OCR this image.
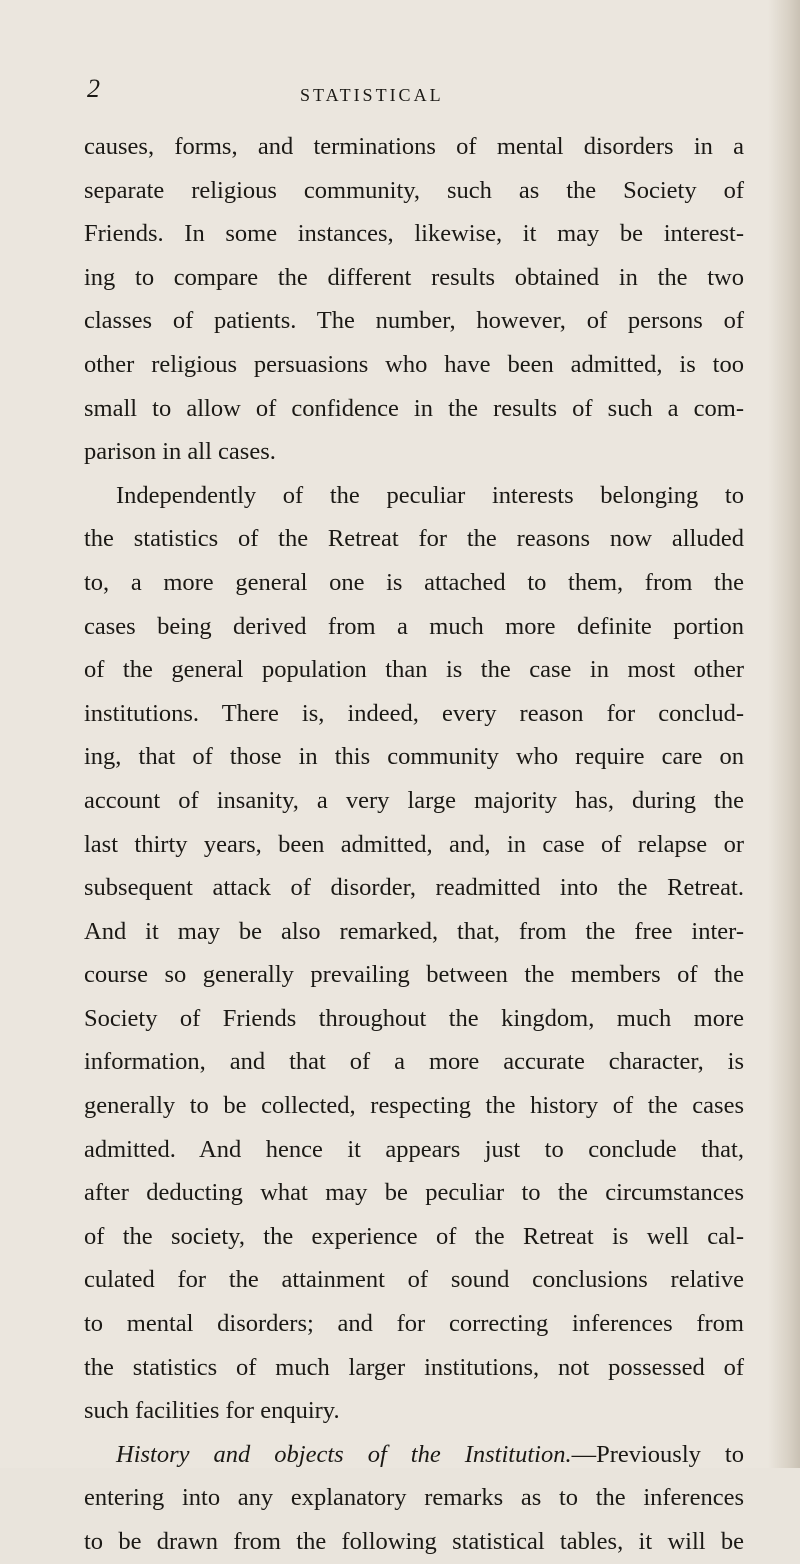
2	STATISTICAL
causes, forms, and terminations of mental disorders in a
separate religious community, such as the Society of
Friends. In some instances, likewise, it may be interest-
ing to compare the different results obtained in the two
classes of patients. The number, however, of persons of
other religious persuasions who have been admitted, is too
small to allow of confidence in the results of such a com-
parison in all cases.
Independently of the peculiar interests belonging to
the statistics of the Retreat for the reasons now alluded
to, a more general one is attached to them, from the
cases being derived from a much more definite portion
of the general population than is the case in most other
institutions. There is, indeed, every reason for conclud-
ing, that of those in this community who require care on
account of insanity, a very large majority has, during the
last thirty years, been admitted, and, in case of relapse or
subsequent attack of disorder, readmitted into the Retreat.
And it may be also remarked, that, from the free inter-
course so generally prevailing between the members of the
Society of Friends throughout the kingdom, much more
information, and that of a more accurate character, is
generally to be collected, respecting the history of the cases
admitted. And hence it appears just to conclude that,
after deducting what may be peculiar to the circumstances
of the society, the experience of the Retreat is well cal-
culated for the attainment of sound conclusions relative
to mental disorders; and for correcting inferences from
the statistics of much larger institutions, not possessed of
such facilities for enquiry.
History and objects of the Institution.—Previously to
entering into any explanatory remarks as to the inferences
to be drawn from the following statistical tables, it will be
